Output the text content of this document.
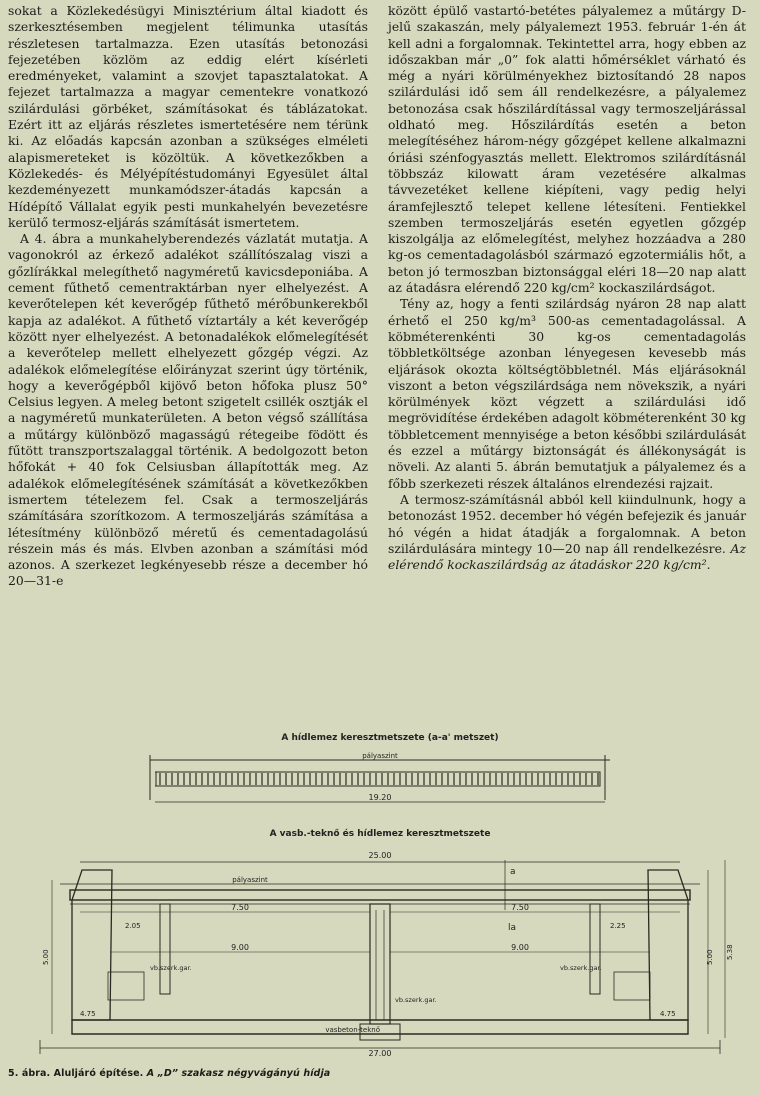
sokat a Közlekedésügyi Minisztérium által kiadott és szerkesztésemben megjelent télimunka utasítás részletesen tartalmazza. Ezen utasítás betonozási fejezetében közlöm az eddig elért kísérleti eredményeket, valamint a szovjet tapasztalatokat. A fejezet tartalmazza a magyar cementekre vonatkozó szilárdulási görbéket, számításokat és táblázatokat. Ezért itt az eljárás részletes ismertetésére nem térünk ki. Az előadás kapcsán azonban a szükséges elméleti alapismereteket is közöltük. A következőkben a Közlekedés- és Mélyépítéstudományi Egyesület által kezdeményezett munkamódszer-átadás kapcsán a Hídépítő Vállalat egyik pesti munkahelyén bevezetésre kerülő termosz-eljárás számítását ismertetem.

A 4. ábra a munkahelyberendezés vázlatát mutatja. A vagonokról az érkező adalékot szállítószalag viszi a gőzlírákkal melegíthető nagyméretű kavicsdeponiába. A cement fűthető cementraktárban nyer elhelyezést. A keverőtelepen két keverőgép fűthető mérőbunkerekből kapja az adalékot. A fűthető víztartály a két keverőgép között nyer elhelyezést. A betonadalékok előmelegítését a keverőtelep mellett elhelyezett gőzgép végzi. Az adalékok előmelegítése előirányzat szerint úgy történik, hogy a keverőgépből kijövő beton hőfoka plusz 50° Celsius legyen. A meleg betont szigetelt csillék osztják el a nagyméretű munkaterületen. A beton végső szállítása a műtárgy különböző magasságú rétegeibe födött és fűtött transzportszalaggal történik. A bedolgozott beton hőfokát + 40 fok Celsiusban állapították meg. Az adalékok előmelegítésének számítását a következőkben ismertem tételezem fel. Csak a termoszeljárás számítására szorítkozom. A termoszeljárás számítása a létesítmény különböző méretű és cementadagolású részein más és más. Elvben azonban a számítási mód azonos. A szerkezet legkényesebb része a december hó 20—31-e

között épülő vastartó-betétes pályalemez a műtárgy D-jelű szakaszán, mely pályalemezt 1953. február 1-én át kell adni a forgalomnak. Tekintettel arra, hogy ebben az időszakban már „0” fok alatti hőmérséklet várható és még a nyári körülményekhez biztosítandó 28 napos szilárdulási idő sem áll rendelkezésre, a pályalemez betonozása csak hőszilárdítással vagy termoszeljárással oldható meg. Hőszilárdítás esetén a beton melegítéséhez három-négy gőzgépet kellene alkalmazni óriási szénfogyasztás mellett. Elektromos szilárdításnál többszáz kilowatt áram vezetésére alkalmas távvezetéket kellene kiépíteni, vagy pedig helyi áramfejlesztő telepet kellene létesíteni. Fentiekkel szemben termoszeljárás esetén egyetlen gőzgép kiszolgálja az előmelegítést, melyhez hozzáadva a 280 kg-os cementadagolásból származó egzotermiális hőt, a beton jó termoszban biztonsággal eléri 18—20 nap alatt az átadásra elérendő 220 kg/cm² kockaszilárdságot.

Tény az, hogy a fenti szilárdság nyáron 28 nap alatt érhető el 250 kg/m³ 500-as cementadagolással. A köbméterenkénti 30 kg-os cementadagolás többletköltsége azonban lényegesen kevesebb más eljárások okozta költségtöbbletnél. Más eljárásoknál viszont a beton végszilárdsága nem növekszik, a nyári körülmények közt végzett a szilárdulási idő megrövidítése érdekében adagolt köbméterenként 30 kg többletcement mennyisége a beton későbbi szilárdulását és ezzel a műtárgy biztonságát és állékonyságát is növeli. Az alanti 5. ábrán bemutatjuk a pályalemez és a főbb szerkezeti részek általános elrendezési rajzait.

A termosz-számításnál abból kell kiindulnunk, hogy a betonozást 1952. december hó végén befejezik és január hó végén a hidat átadják a forgalomnak. A beton szilárdulására mintegy 10—20 nap áll rendelkezésre. Az elérendő kockaszilárdság az átadáskor 220 kg/cm².

A hídlemez keresztmetszete (a-a' metszet)
pályaszint
19.20
A vasb.-teknő és hídlemez keresztmetszete
25.00
pályaszint
a
7.50	7.50
la
9.00	9.00
2.05	2.25
5.00	5.00 5.38
vb.szerk.gar.	vb.szerk.gar.
vb.szerk.gar.
vasbeton-teknő
4.75	4.75
27.00
5. ábra. Aluljáró építése. A „D” szakasz négyvágányú hídja
